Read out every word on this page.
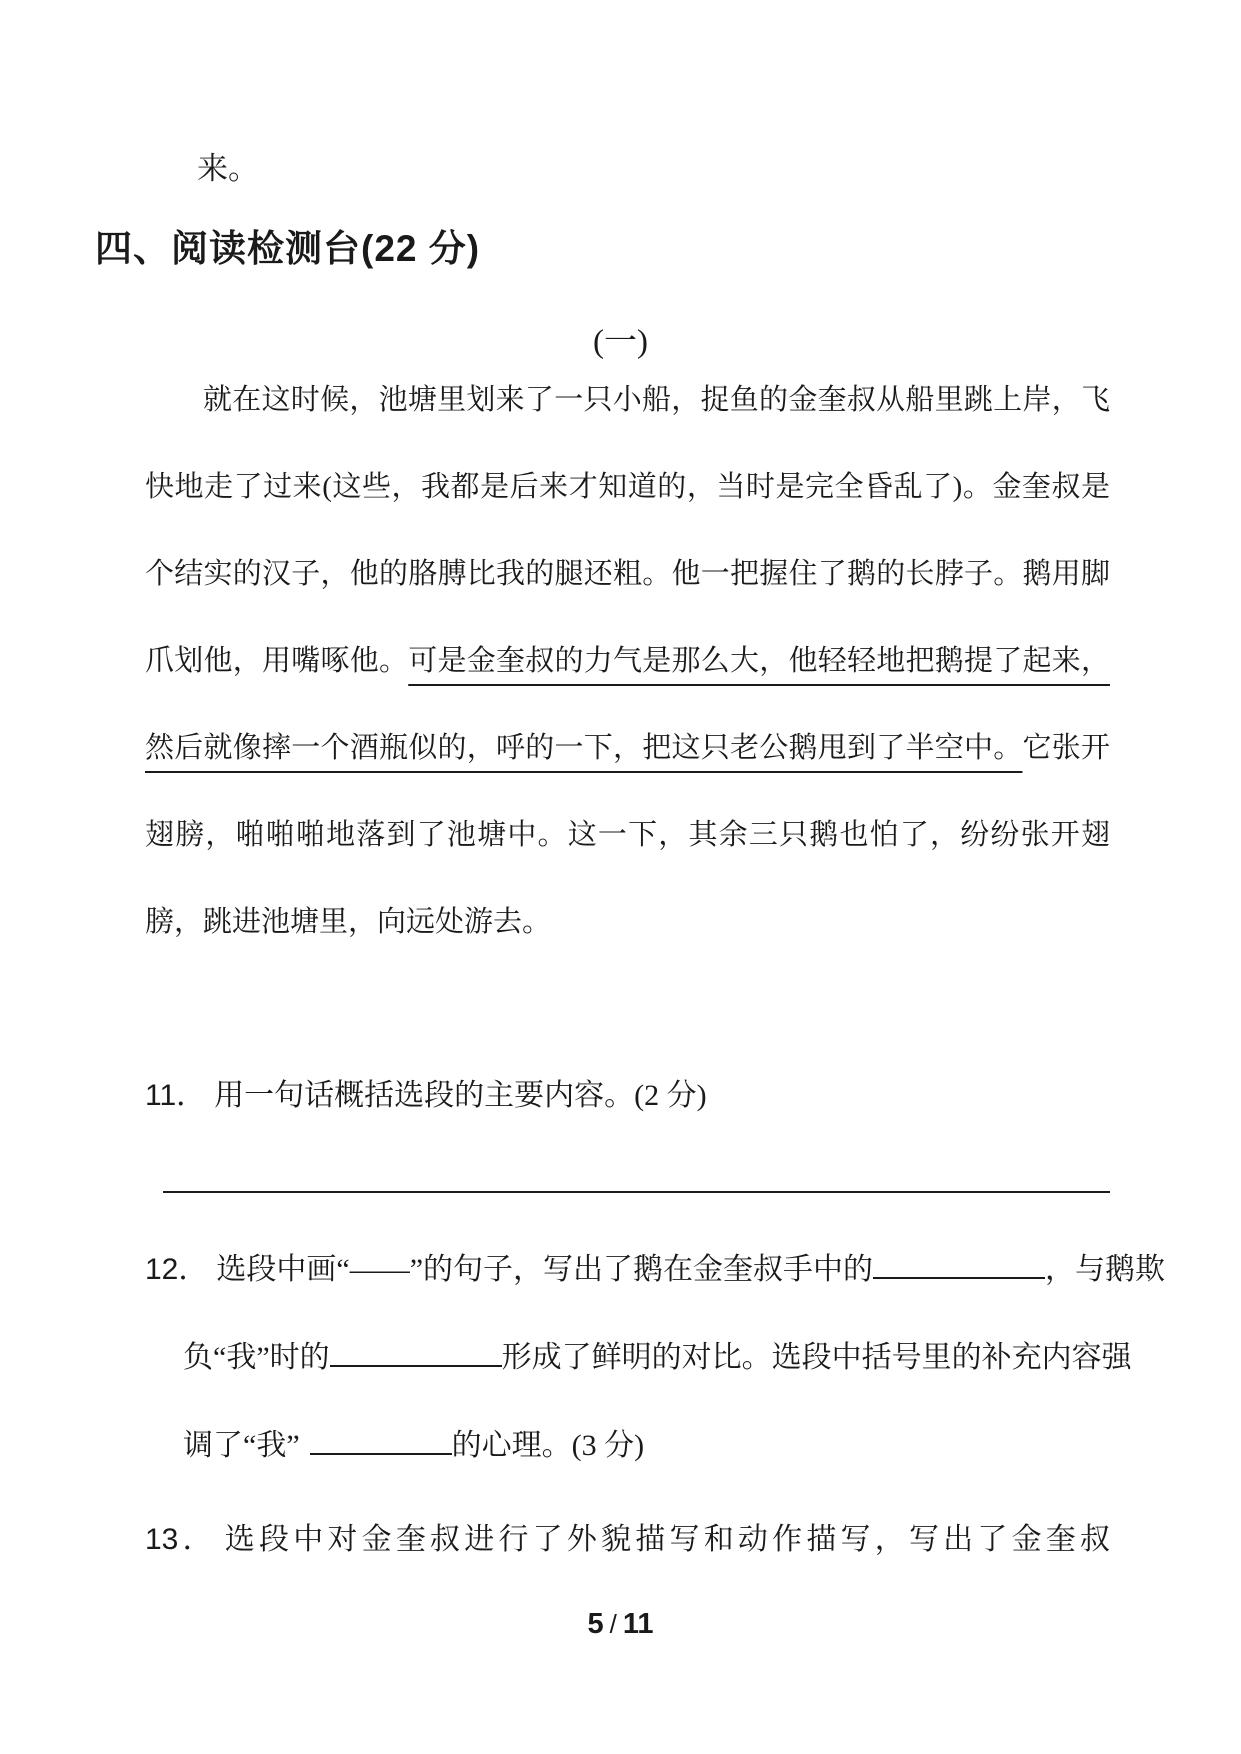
来。
四、阅读检测台(22 分)
(一)
就在这时候，池塘里划来了一只小船，捉鱼的金奎叔从船里跳上岸，飞快地走了过来(这些，我都是后来才知道的，当时是完全昏乱了)。金奎叔是个结实的汉子，他的胳膊比我的腿还粗。他一把握住了鹅的长脖子。鹅用脚爪划他，用嘴啄他。可是金奎叔的力气是那么大，他轻轻地把鹅提了起来，然后就像摔一个酒瓶似的，呼的一下，把这只老公鹅甩到了半空中。它张开翅膀，啪啪啪地落到了池塘中。这一下，其余三只鹅也怕了，纷纷张开翅膀，跳进池塘里，向远处游去。
11． 用一句话概括选段的主要内容。(2 分)
12． 选段中画“——”的句子，写出了鹅在金奎叔手中的	，与鹅欺
负“我”时的	形成了鲜明的对比。选段中括号里的补充内容强
调了“我”	的心理。(3 分)
13． 选段中对金奎叔进行了外貌描写和动作描写，写出了金奎叔
5 / 11
